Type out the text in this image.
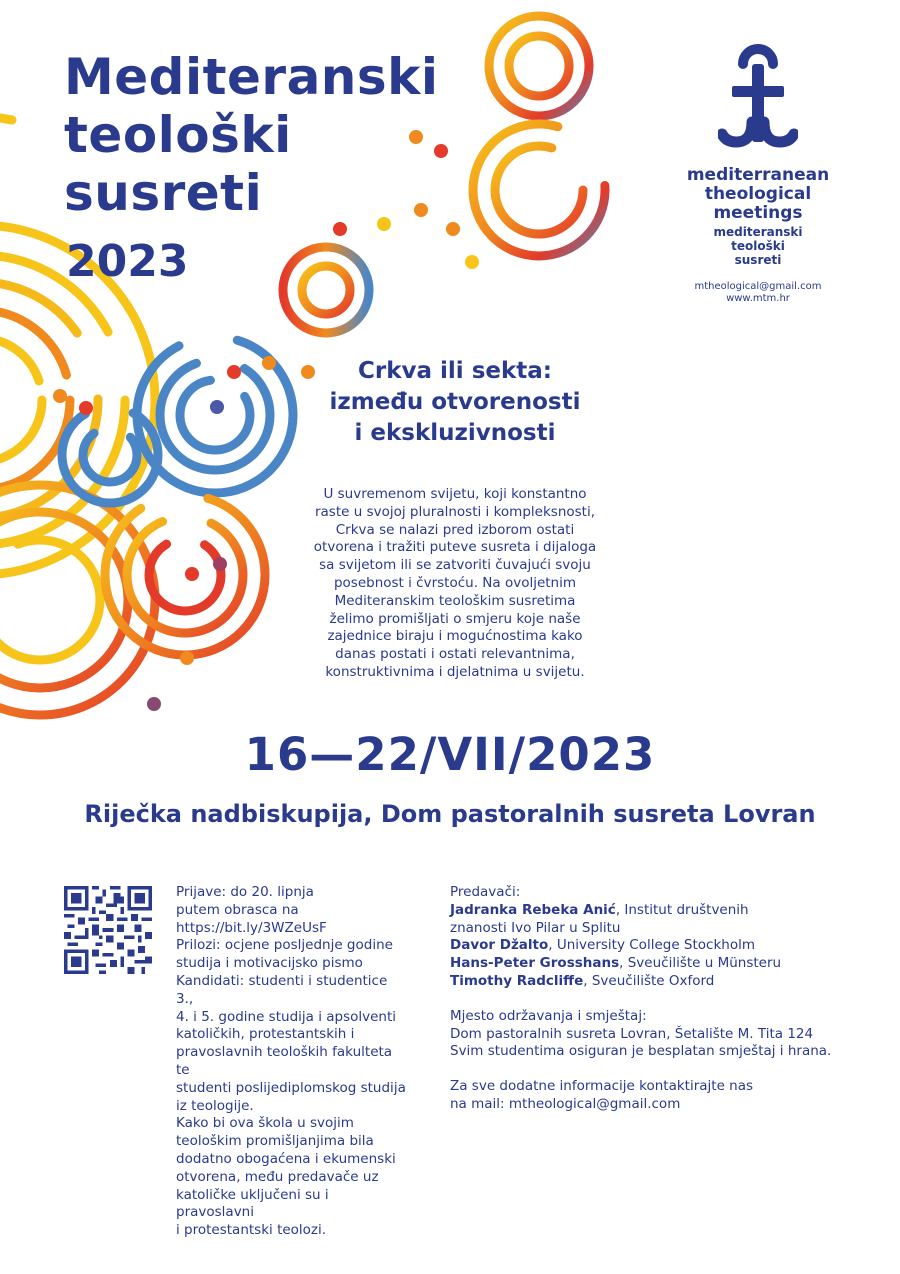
Mediteranski
teološki
susreti
2023
mediterranean
theological
meetings
mediteranski
teološki
susreti
mtheological@gmail.com
www.mtm.hr
Crkva ili sekta:
između otvorenosti
i ekskluzivnosti
U suvremenom svijetu, koji konstantno
raste u svojoj pluralnosti i kompleksnosti,
Crkva se nalazi pred izborom ostati
otvorena i tražiti puteve susreta i dijaloga
sa svijetom ili se zatvoriti čuvajući svoju
posebnost i čvrstoću. Na ovoljetnim
Mediteranskim teološkim susretima
želimo promišljati o smjeru koje naše
zajednice biraju i mogućnostima kako
danas postati i ostati relevantnima,
konstruktivnima i djelatnima u svijetu.
16—22/VII/2023
Riječka nadbiskupija, Dom pastoralnih susreta Lovran
Prijave: do 20. lipnja
putem obrasca na
https://bit.ly/3WZeUsF
Prilozi: ocjene posljednje godine
studija i motivacijsko pismo
Kandidati: studenti i studentice 3.,
4. i 5. godine studija i apsolventi
katoličkih, protestantskih i
pravoslavnih teoloških fakulteta te
studenti poslijediplomskog studija
iz teologije.
Kako bi ova škola u svojim
teološkim promišljanjima bila
dodatno obogaćena i ekumenski
otvorena, među predavače uz
katoličke uključeni su i pravoslavni
i protestantski teolozi.
Predavači:
Jadranka Rebeka Anić, Institut društvenih
znanosti Ivo Pilar u Splitu
Davor Džalto, University College Stockholm
Hans-Peter Grosshans, Sveučilište u Münsteru
Timothy Radcliffe, Sveučilište Oxford
Mjesto održavanja i smještaj:
Dom pastoralnih susreta Lovran, Šetalište M. Tita 124
Svim studentima osiguran je besplatan smještaj i hrana.
Za sve dodatne informacije kontaktirajte nas
na mail: mtheological@gmail.com
